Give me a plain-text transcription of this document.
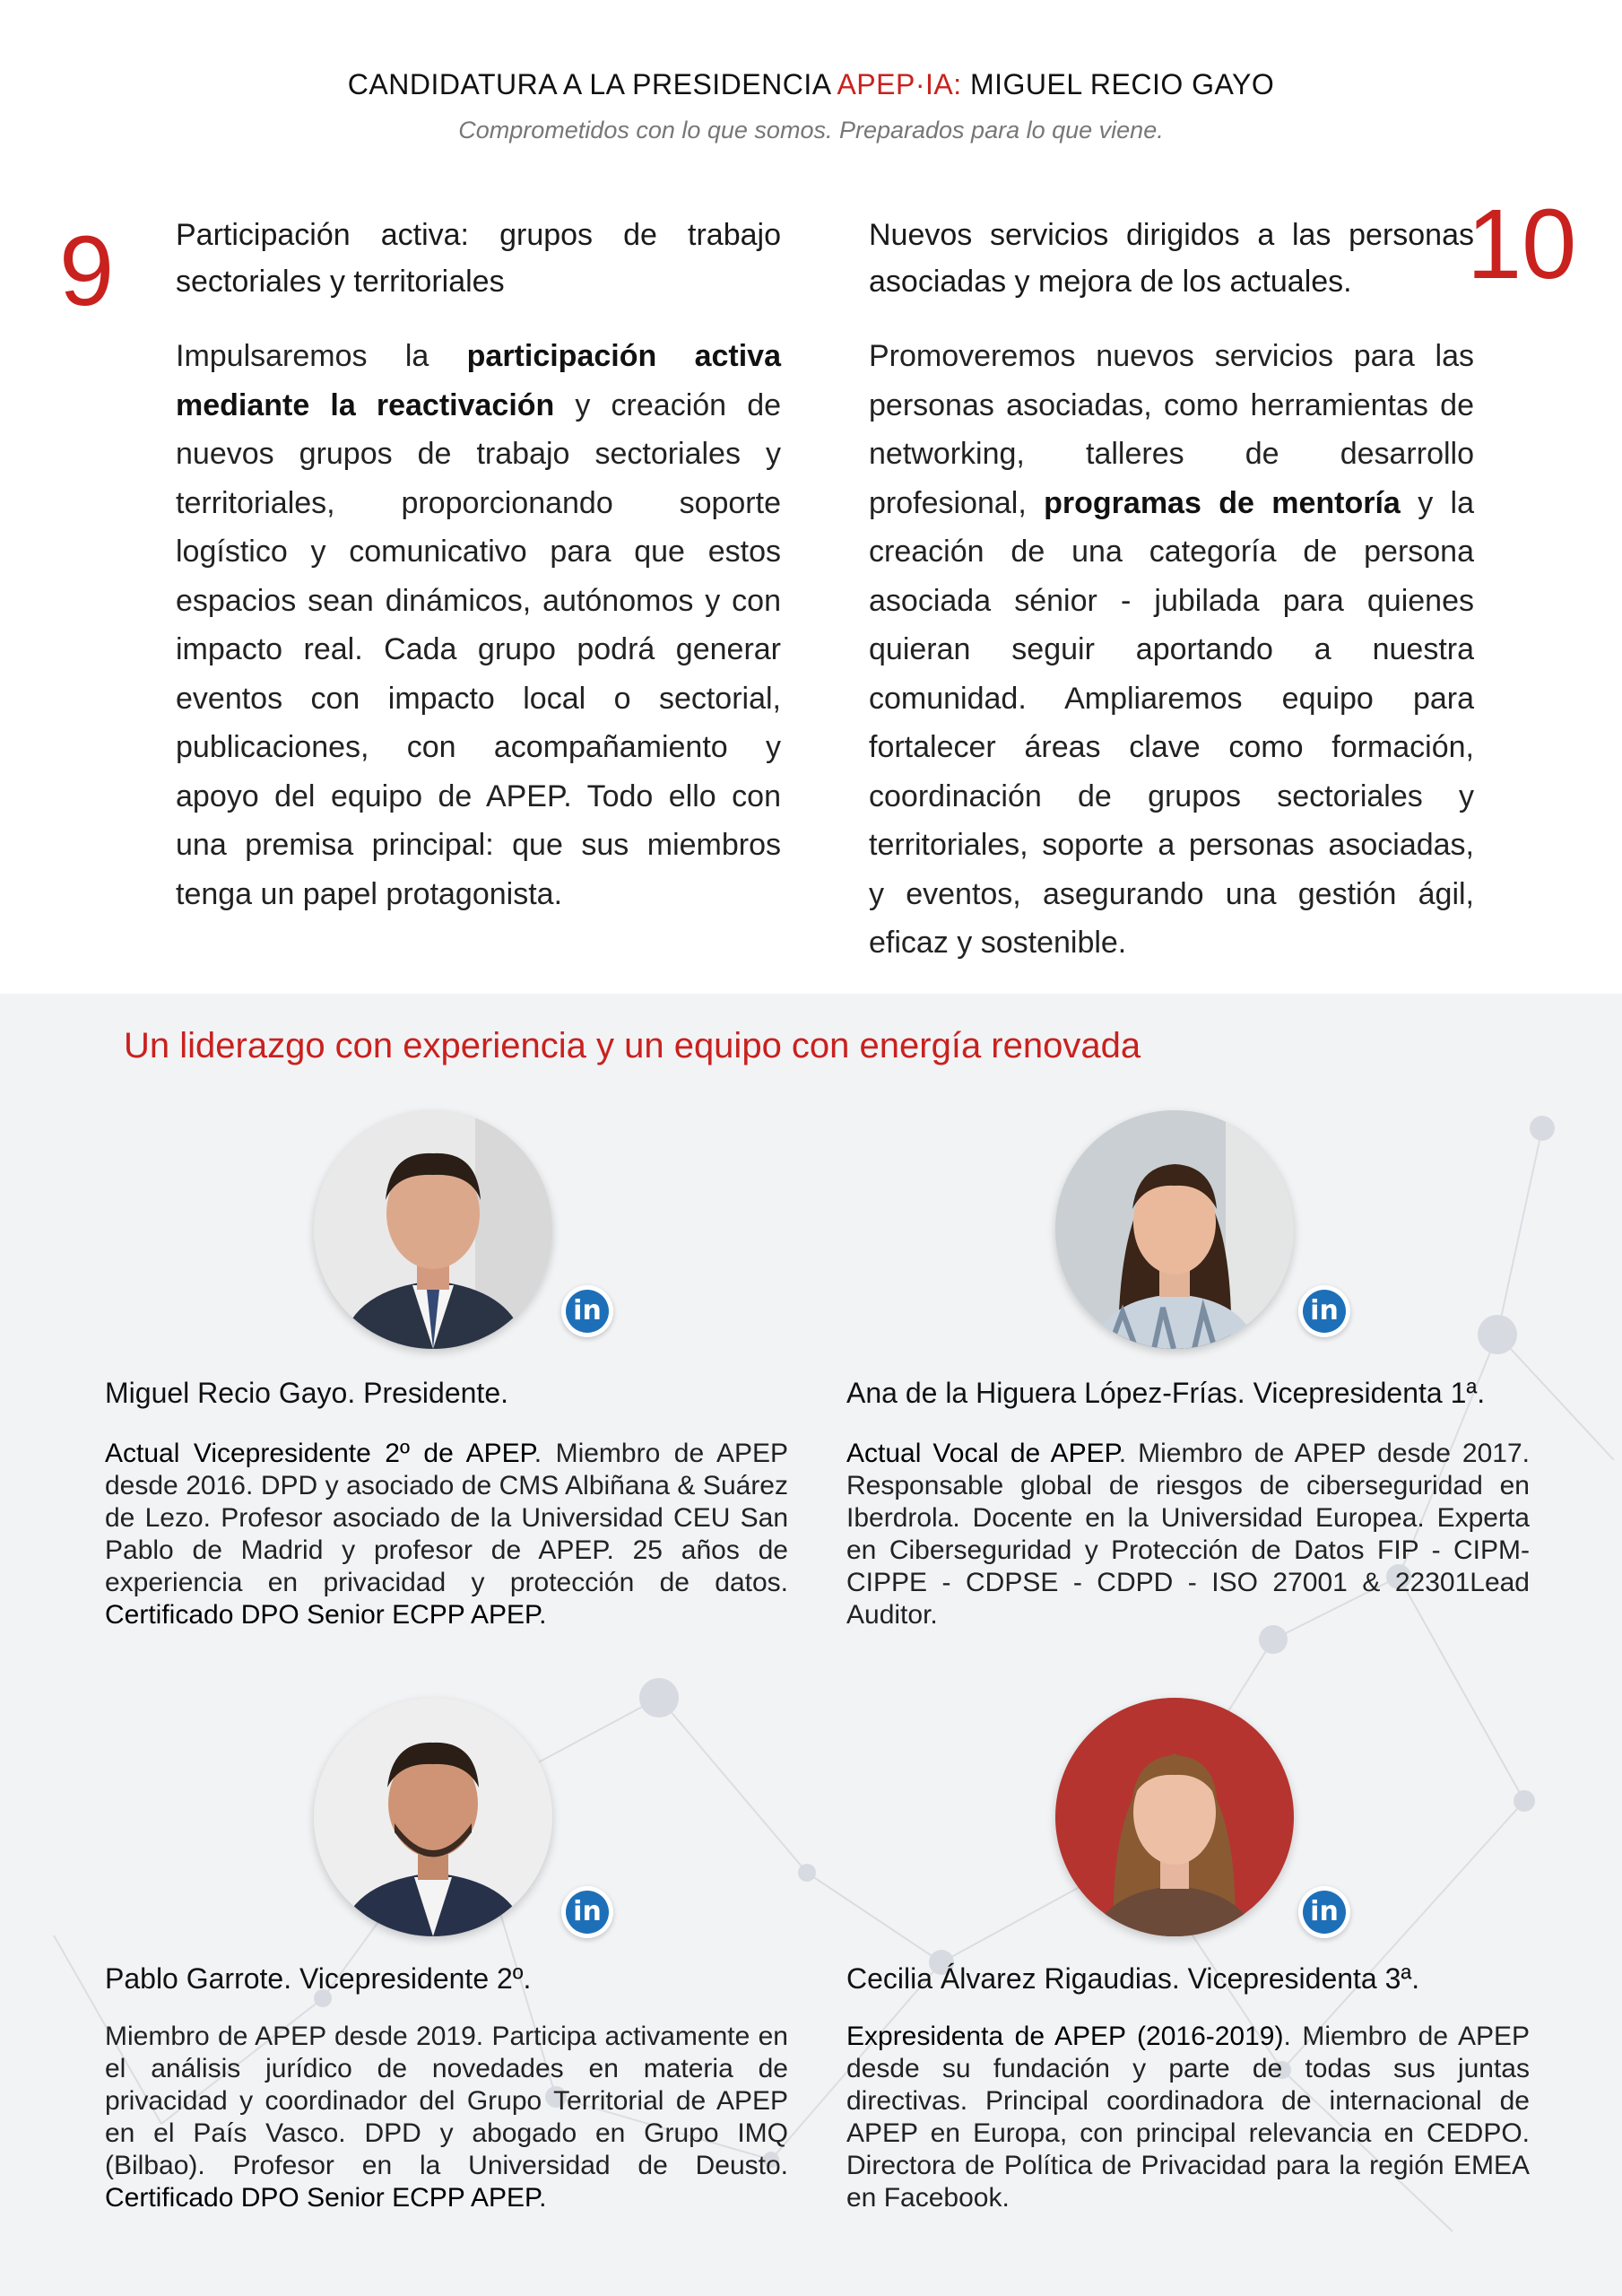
CANDIDATURA A LA PRESIDENCIA APEP·IA: MIGUEL RECIO GAYO
Comprometidos con lo que somos. Preparados para lo que viene.
9 Participación activa: grupos de trabajo sectoriales y territoriales
Impulsaremos la participación activa mediante la reactivación y creación de nuevos grupos de trabajo sectoriales y territoriales, proporcionando soporte logístico y comunicativo para que estos espacios sean dinámicos, autónomos y con impacto real. Cada grupo podrá generar eventos con impacto local o sectorial, publicaciones, con acompañamiento y apoyo del equipo de APEP. Todo ello con una premisa principal: que sus miembros tenga un papel protagonista.
10
Nuevos servicios dirigidos a las personas asociadas y mejora de los actuales.
Promoveremos nuevos servicios para las personas asociadas, como herramientas de networking, talleres de desarrollo profesional, programas de mentoría y la creación de una categoría de persona asociada sénior - jubilada para quienes quieran seguir aportando a nuestra comunidad. Ampliaremos equipo para fortalecer áreas clave como formación, coordinación de grupos sectoriales y territoriales, soporte a personas asociadas, y eventos, asegurando una gestión ágil, eficaz y sostenible.
Un liderazgo con experiencia y un equipo con energía renovada
in
Miguel Recio Gayo. Presidente.
Actual Vicepresidente 2º de APEP. Miembro de APEP desde 2016. DPD y asociado de CMS Albiñana & Suárez de Lezo. Profesor asociado de la Universidad CEU San Pablo de Madrid y profesor de APEP. 25 años de experiencia en privacidad y protección de datos. Certificado DPO Senior ECPP APEP.
in
Ana de la Higuera López-Frías. Vicepresidenta 1ª.
Actual Vocal de APEP. Miembro de APEP desde 2017. Responsable global de riesgos de ciberseguridad en Iberdrola. Docente en la Universidad Europea. Experta en Ciberseguridad y Protección de Datos FIP - CIPM- CIPPE - CDPSE - CDPD - ISO 27001 & 22301Lead Auditor.
in
Pablo Garrote. Vicepresidente 2º.
Miembro de APEP desde 2019. Participa activamente en el análisis jurídico de novedades en materia de privacidad y coordinador del Grupo Territorial de APEP en el País Vasco. DPD y abogado en Grupo IMQ (Bilbao). Profesor en la Universidad de Deusto. Certificado DPO Senior ECPP APEP.
in
Cecilia Álvarez Rigaudias. Vicepresidenta 3ª.
Expresidenta de APEP (2016-2019). Miembro de APEP desde su fundación y parte de todas sus juntas directivas. Principal coordinadora de internacional de APEP en Europa, con principal relevancia en CEDPO. Directora de Política de Privacidad para la región EMEA en Facebook.
